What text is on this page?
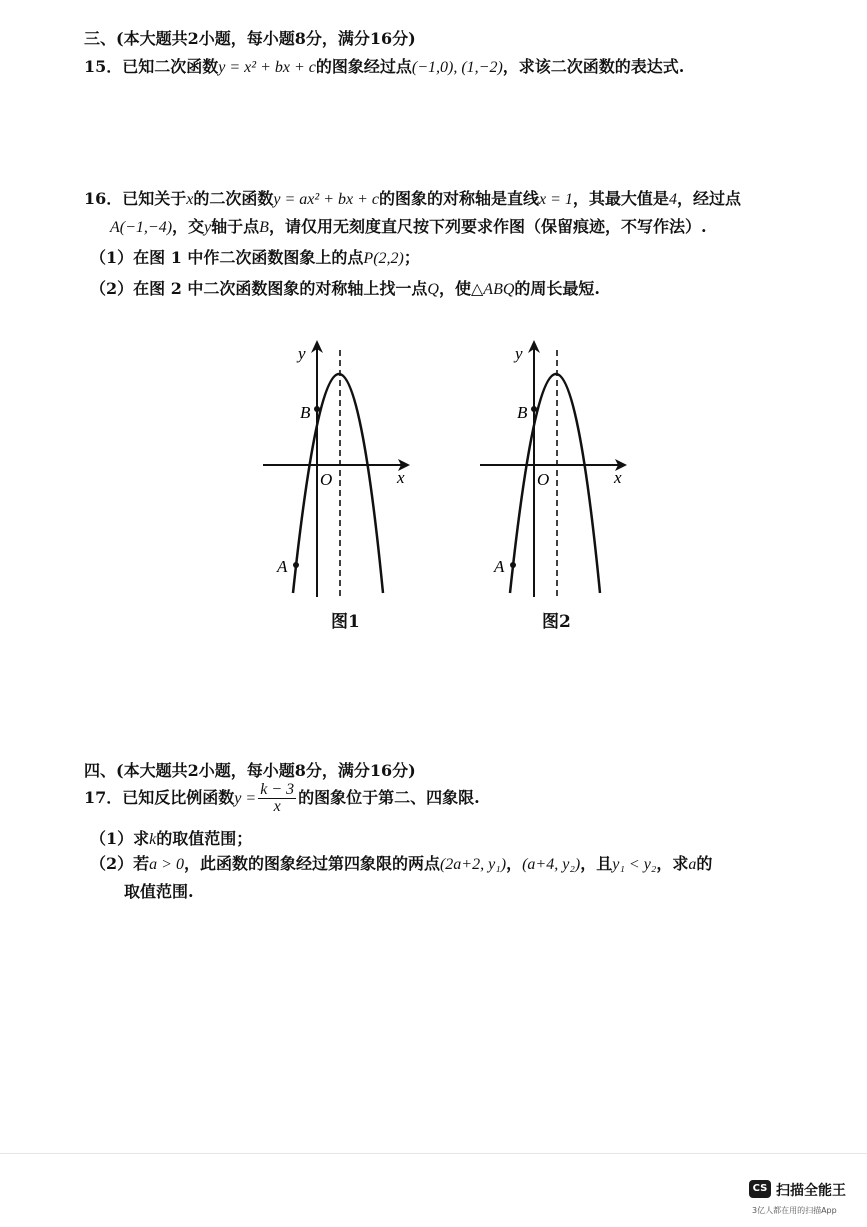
三、(本大题共2小题，每小题8分，满分16分)
15．已知二次函数y = x² + bx + c的图象经过点(−1,0), (1,−2)，求该二次函数的表达式.
16．已知关于x的二次函数y = ax² + bx + c的图象的对称轴是直线x = 1，其最大值是4，经过点
A(−1,−4)，交y轴于点B，请仅用无刻度直尺按下列要求作图（保留痕迹，不写作法）.
（1）在图 1 中作二次函数图象上的点P(2,2)；
（2）在图 2 中二次函数图象的对称轴上找一点Q，使△ABQ的周长最短.
y
x
O
B
A
图1
y
x
O
B
A
图2
四、(本大题共2小题，每小题8分，满分16分)
17．已知反比例函数$y = \frac{k - 3}{x}$ 的图象位于第二、四象限.
（1）求k的取值范围；
（2）若a > 0，此函数的图象经过第四象限的两点(2a+2, y₁)，(a+4, y₂)，且y₁ < y₂，求a的
取值范围.
CS 扫描全能王
3亿人都在用的扫描App
